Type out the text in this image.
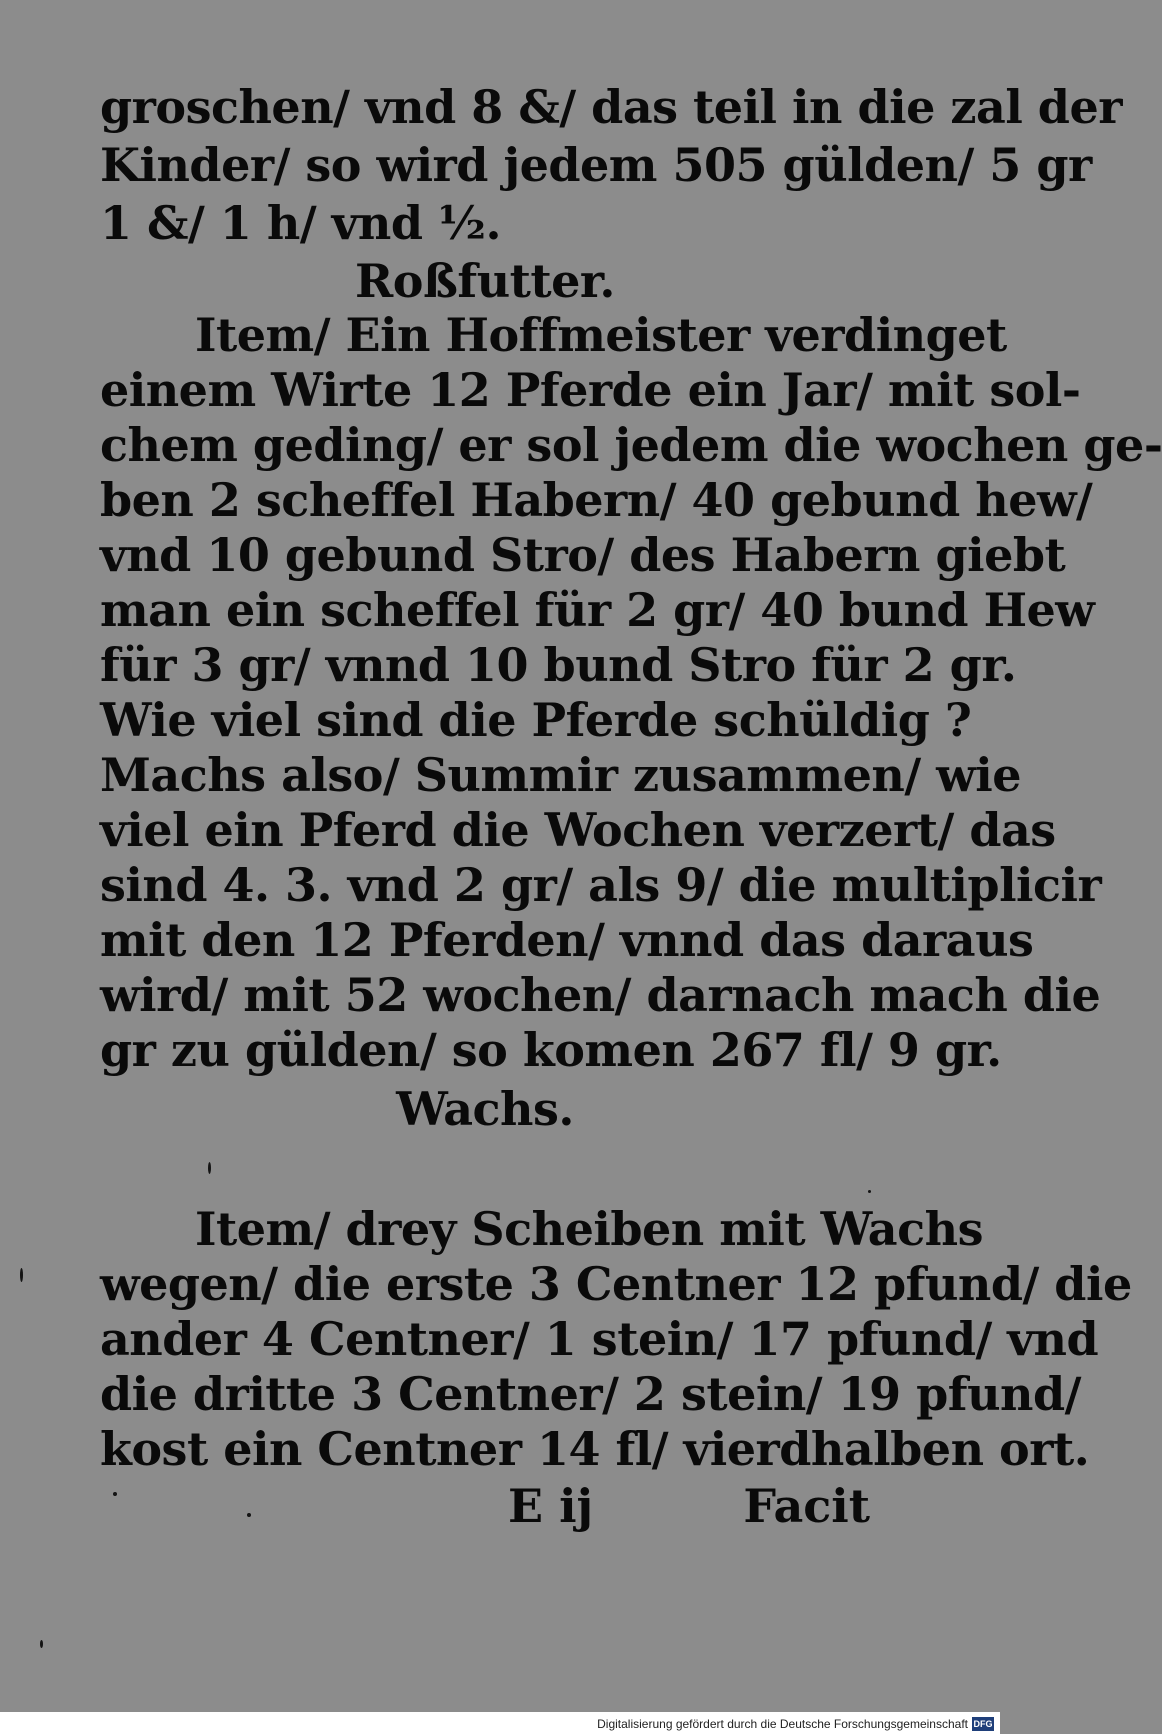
groschen/ vnd 8 &/ das teil in die zal der
Kinder/ so wird jedem 505 gülden/ 5 gr
1 &/ 1 h/ vnd ½.
Roßfutter.
Item/ Ein Hoffmeister verdinget
einem Wirte 12 Pferde ein Jar/ mit sol-
chem geding/ er sol jedem die wochen ge-
ben 2 scheffel Habern/ 40 gebund hew/
vnd 10 gebund Stro/ des Habern giebt
man ein scheffel für 2 gr/ 40 bund Hew
für 3 gr/ vnnd 10 bund Stro für 2 gr.
Wie viel sind die Pferde schüldig ?
Machs also/ Summir zusammen/ wie
viel ein Pferd die Wochen verzert/ das
sind 4. 3. vnd 2 gr/ als 9/ die multiplicir
mit den 12 Pferden/ vnnd das daraus
wird/ mit 52 wochen/ darnach mach die
gr zu gülden/ so komen 267 fl/ 9 gr.
Wachs.
Item/ drey Scheiben mit Wachs
wegen/ die erste 3 Centner 12 pfund/ die
ander 4 Centner/ 1 stein/ 17 pfund/ vnd
die dritte 3 Centner/ 2 stein/ 19 pfund/
kost ein Centner 14 fl/ vierdhalben ort.
E ij	Facit
Digitalisierung gefördert durch die Deutsche Forschungsgemeinschaft DFG
